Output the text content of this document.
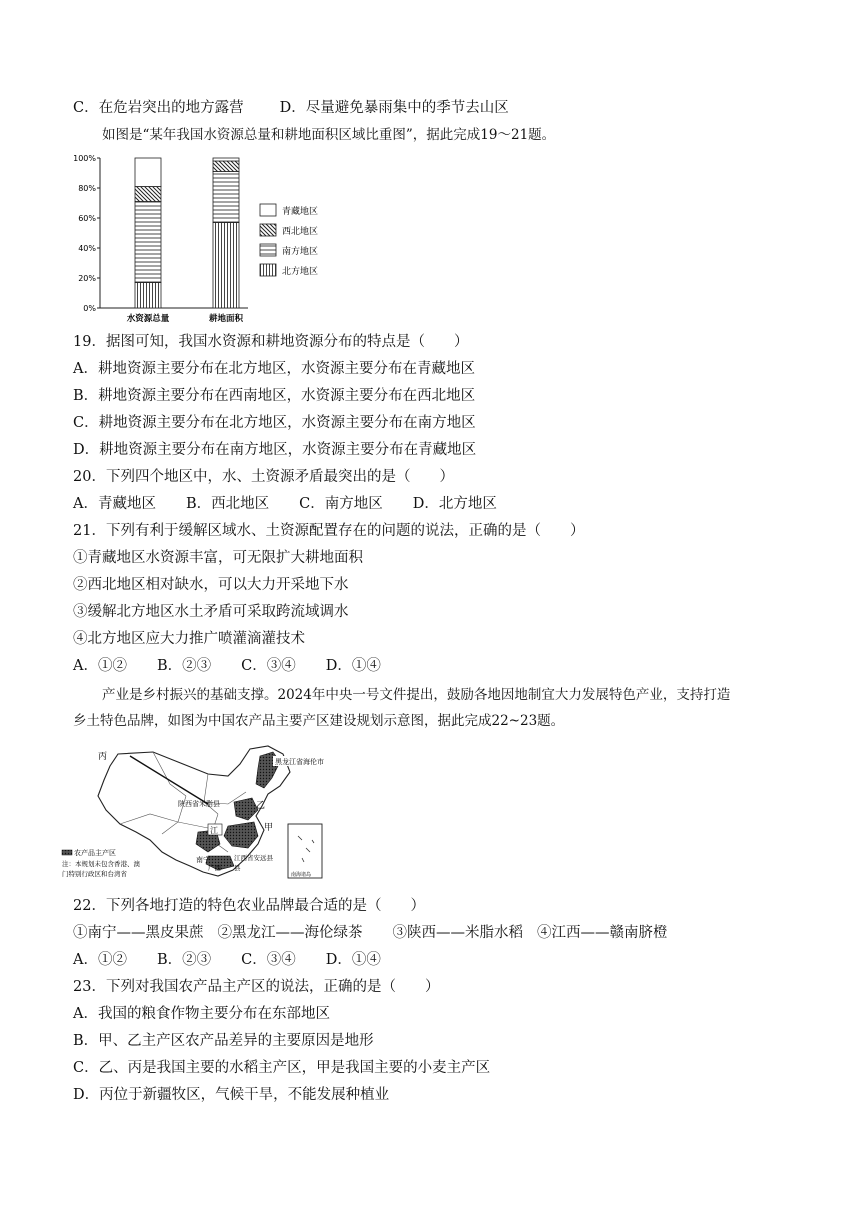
C．在危岩突出的地方露营 D．尽量避免暴雨集中的季节去山区
如图是“某年我国水资源总量和耕地面积区域比重图”，据此完成19～21题。
100%
80%
60%
40%
20%
0%
水资源总量	耕地面积
青藏地区
西北地区
南方地区
北方地区
19．据图可知，我国水资源和耕地资源分布的特点是（　　）
A．耕地资源主要分布在北方地区，水资源主要分布在青藏地区
B．耕地资源主要分布在西南地区，水资源主要分布在西北地区
C．耕地资源主要分布在北方地区，水资源主要分布在南方地区
D．耕地资源主要分布在南方地区，水资源主要分布在青藏地区
20．下列四个地区中，水、土资源矛盾最突出的是（　　）
A．青藏地区 B．西北地区 C．南方地区 D．北方地区
21．下列有利于缓解区域水、土资源配置存在的问题的说法，正确的是（　　）
①青藏地区水资源丰富，可无限扩大耕地面积
②西北地区相对缺水，可以大力开采地下水
③缓解北方地区水土矛盾可采取跨流域调水
④北方地区应大力推广喷灌滴灌技术
A．①② B．②③ C．③④ D．①④
产业是乡村振兴的基础支撑。2024年中央一号文件提出，鼓励各地因地制宜大力发展特色产业，支持打造
乡土特色品牌，如图为中国农产品主要产区建设规划示意图，据此完成22~23题。
丙	黑龙江省海伦市
陕西省米脂县	乙
甲
江
江西省安远县
南宁
广西 县
农产品主产区
注：本规划未包含香港、澳
门特别行政区和台湾省	南海诸岛
22．下列各地打造的特色农业品牌最合适的是（　　）
①南宁——黑皮果蔗 ②黑龙江——海伦绿茶 ③陕西——米脂水稻 ④江西——赣南脐橙
A．①② B．②③ C．③④ D．①④
23．下列对我国农产品主产区的说法，正确的是（　　）
A．我国的粮食作物主要分布在东部地区
B．甲、乙主产区农产品差异的主要原因是地形
C．乙、丙是我国主要的水稻主产区，甲是我国主要的小麦主产区
D．丙位于新疆牧区，气候干旱，不能发展种植业
